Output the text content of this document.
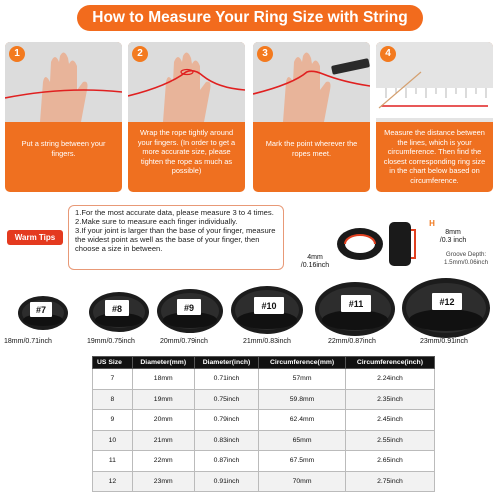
How to Measure Your Ring Size with String
1
Put a string between your fingers.
2
Wrap the rope tightly around your fingers. (In order to get a more accurate size, please tighten the rope as much as possible)
3
Mark the point wherever the ropes meet.
4
Measure the distance between the lines, which is your circumference. Then find the closest corresponding ring size in the chart below based on circumference.
Warm Tips

1.For the most accurate data, please measure 3 to 4 times.

2.Make sure to measure each finger individually.

3.If your joint is larger than the base of your finger, measure the widest point as well as the base of your finger, then choose a size in between.

4mm
/0.16inch
H
8mm
/0.3 inch
Groove Depth:
1.5mm/0.06inch
#7	#8	#9	#10	#11	#12
18mm/0.71inch	19mm/0.75inch	20mm/0.79inch	21mm/0.83inch	22mm/0.87inch	23mm/0.91inch
US Size	Diameter(mm)	Diameter(inch)	Circumference(mm)	Circumference(inch)
7	18mm	0.71inch	57mm	2.24inch
8	19mm	0.75inch	59.8mm	2.35inch
9	20mm	0.79inch	62.4mm	2.45inch
10	21mm	0.83inch	65mm	2.55inch
11	22mm	0.87inch	67.5mm	2.65inch
12	23mm	0.91inch	70mm	2.75inch
